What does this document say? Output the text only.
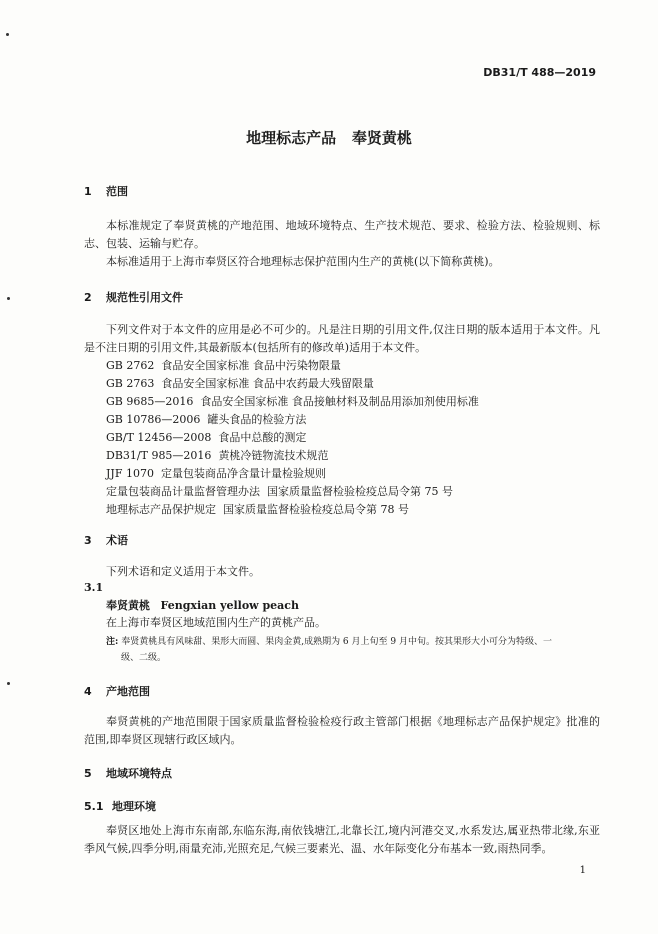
DB31/T 488—2019
地理标志产品   奉贤黄桃
1 范围
本标准规定了奉贤黄桃的产地范围、地域环境特点、生产技术规范、要求、检验方法、检验规则、标志、包装、运输与贮存。
本标准适用于上海市奉贤区符合地理标志保护范围内生产的黄桃(以下简称黄桃)。
2 规范性引用文件
下列文件对于本文件的应用是必不可少的。凡是注日期的引用文件,仅注日期的版本适用于本文件。凡是不注日期的引用文件,其最新版本(包括所有的修改单)适用于本文件。
GB 2762 食品安全国家标准 食品中污染物限量
GB 2763 食品安全国家标准 食品中农药最大残留限量
GB 9685—2016 食品安全国家标准 食品接触材料及制品用添加剂使用标准
GB 10786—2006 罐头食品的检验方法
GB/T 12456—2008 食品中总酸的测定
DB31/T 985—2016 黄桃冷链物流技术规范
JJF 1070 定量包装商品净含量计量检验规则
定量包装商品计量监督管理办法 国家质量监督检验检疫总局令第 75 号
地理标志产品保护规定 国家质量监督检验检疫总局令第 78 号
3 术语
下列术语和定义适用于本文件。
3.1
奉贤黄桃 Fengxian yellow peach
在上海市奉贤区地域范围内生产的黄桃产品。
注: 奉贤黄桃具有风味甜、果形大而圆、果肉金黄,成熟期为 6 月上旬至 9 月中旬。按其果形大小可分为特级、一
级、二级。
4 产地范围
奉贤黄桃的产地范围限于国家质量监督检验检疫行政主管部门根据《地理标志产品保护规定》批准的范围,即奉贤区现辖行政区域内。
5 地域环境特点
5.1 地理环境
奉贤区地处上海市东南部,东临东海,南依钱塘江,北靠长江,境内河港交叉,水系发达,属亚热带北缘,东亚季风气候,四季分明,雨量充沛,光照充足,气候三要素光、温、水年际变化分布基本一致,雨热同季。
1
